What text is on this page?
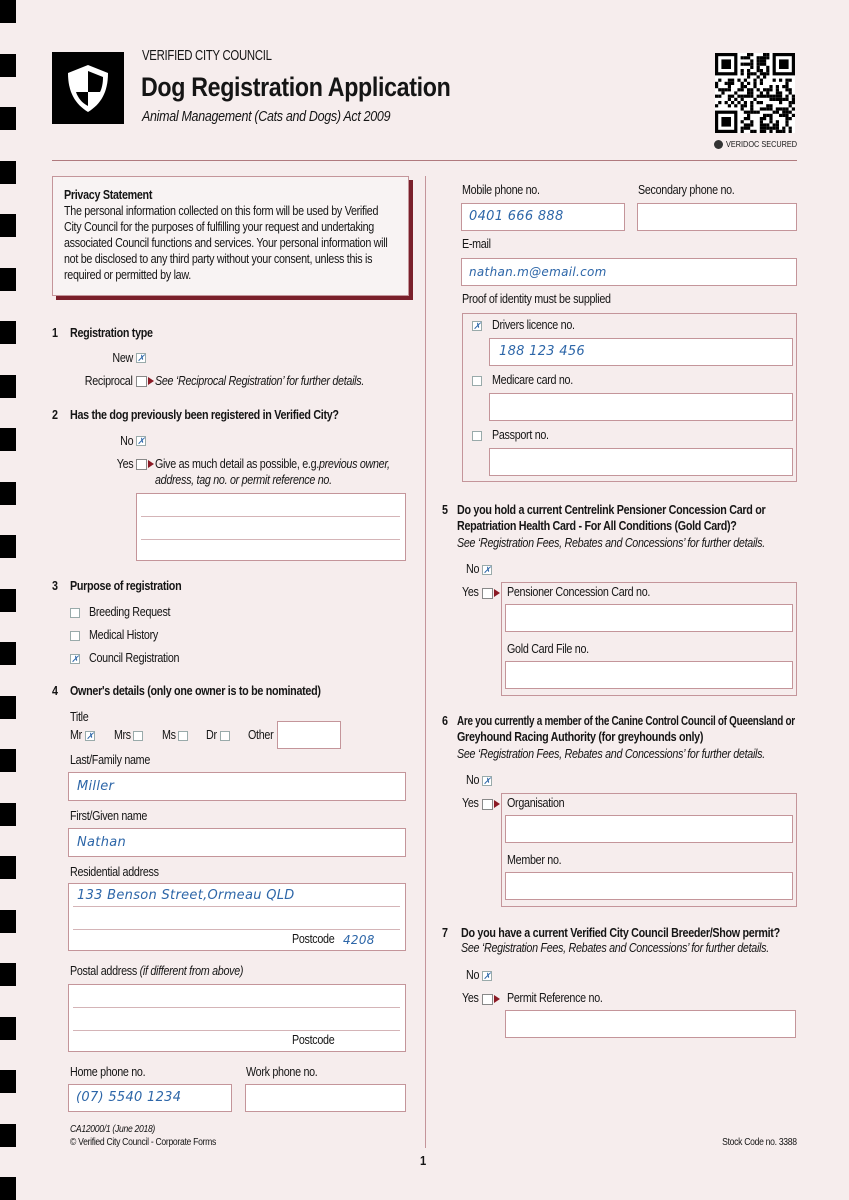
VERIFIED CITY COUNCIL
Dog Registration Application
Animal Management (Cats and Dogs) Act 2009
VERIDOC SECURED
Privacy Statement
The personal information collected on this form will be used by Verified
City Council for the purposes of fulfilling your request and undertaking
associated Council functions and services. Your personal information will
not be disclosed to any third party without your consent, unless this is
required or permitted by law.
1 Registration type
New ✗
Reciprocal See ‘Reciprocal Registration’ for further details.
2 Has the dog previously been registered in Verified City?
No ✗
Yes Give as much detail as possible, e.g.previous owner,
address, tag no. or permit reference no.
3 Purpose of registration
Breeding Request
Medical History
✗ Council Registration
4 Owner's details (only one owner is to be nominated)
Title
Mr ✗ Mrs Ms Dr	Other
Last/Family name
Miller
First/Given name
Nathan
Residential address
133 Benson Street,Ormeau QLD
Postcode 4208
Postal address (if different from above)
Postcode
Home phone no.
(07) 5540 1234
Work phone no.
CA12000/1 (June 2018)
© Verified City Council - Corporate Forms
1
Stock Code no. 3388
Mobile phone no.
0401 666 888
Secondary phone no.
E-mail
nathan.m@email.com
Proof of identity must be supplied
✗ Drivers licence no.
188 123 456
Medicare card no.
Passport no.
5 Do you hold a current Centrelink Pensioner Concession Card or
Repatriation Health Card - For All Conditions (Gold Card)?
See ‘Registration Fees, Rebates and Concessions’ for further details.
No ✗
Yes Pensioner Concession Card no.
Gold Card File no.
6 Are you currently a member of the Canine Control Council of Queensland or
Greyhound Racing Authority (for greyhounds only)
See ‘Registration Fees, Rebates and Concessions’ for further details.
No ✗
Yes Organisation
Member no.
7 Do you have a current Verified City Council Breeder/Show permit?
See ‘Registration Fees, Rebates and Concessions’ for further details.
No ✗
Yes Permit Reference no.
